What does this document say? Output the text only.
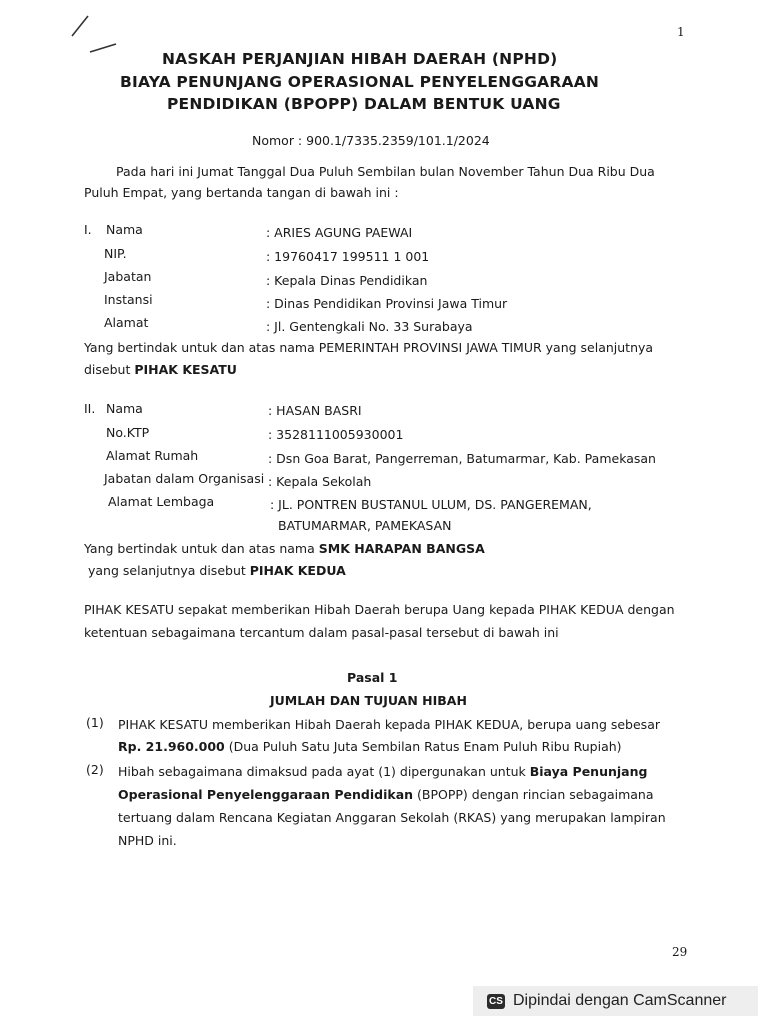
1
NASKAH PERJANJIAN HIBAH DAERAH (NPHD)
BIAYA PENUNJANG OPERASIONAL PENYELENGGARAAN
PENDIDIKAN (BPOPP) DALAM BENTUK UANG
Nomor : 900.1/7335.2359/101.1/2024
Pada hari ini Jumat Tanggal Dua Puluh Sembilan bulan November Tahun Dua Ribu Dua
Puluh Empat, yang bertanda tangan di bawah ini :
I. Nama	: ARIES AGUNG PAEWAI
NIP.	: 19760417 199511 1 001
Jabatan	: Kepala Dinas Pendidikan
Instansi	: Dinas Pendidikan Provinsi Jawa Timur
Alamat	: Jl. Gentengkali No. 33 Surabaya
Yang bertindak untuk dan atas nama PEMERINTAH PROVINSI JAWA TIMUR yang selanjutnya
disebut PIHAK KESATU
II. Nama	: HASAN BASRI
No.KTP	: 3528111005930001
Alamat Rumah	: Dsn Goa Barat, Pangerreman, Batumarmar, Kab. Pamekasan
Jabatan dalam Organisasi : Kepala Sekolah
Alamat Lembaga	: JL. PONTREN BUSTANUL ULUM, DS. PANGEREMAN,
BATUMARMAR, PAMEKASAN
Yang bertindak untuk dan atas nama SMK HARAPAN BANGSA
yang selanjutnya disebut PIHAK KEDUA
PIHAK KESATU sepakat memberikan Hibah Daerah berupa Uang kepada PIHAK KEDUA dengan
ketentuan sebagaimana tercantum dalam pasal-pasal tersebut di bawah ini
Pasal 1
JUMLAH DAN TUJUAN HIBAH
(1) PIHAK KESATU memberikan Hibah Daerah kepada PIHAK KEDUA, berupa uang sebesar
Rp. 21.960.000 (Dua Puluh Satu Juta Sembilan Ratus Enam Puluh Ribu Rupiah)
(2) Hibah sebagaimana dimaksud pada ayat (1) dipergunakan untuk Biaya Penunjang
Operasional Penyelenggaraan Pendidikan (BPOPP) dengan rincian sebagaimana
tertuang dalam Rencana Kegiatan Anggaran Sekolah (RKAS) yang merupakan lampiran
NPHD ini.
29
CS Dipindai dengan CamScanner
